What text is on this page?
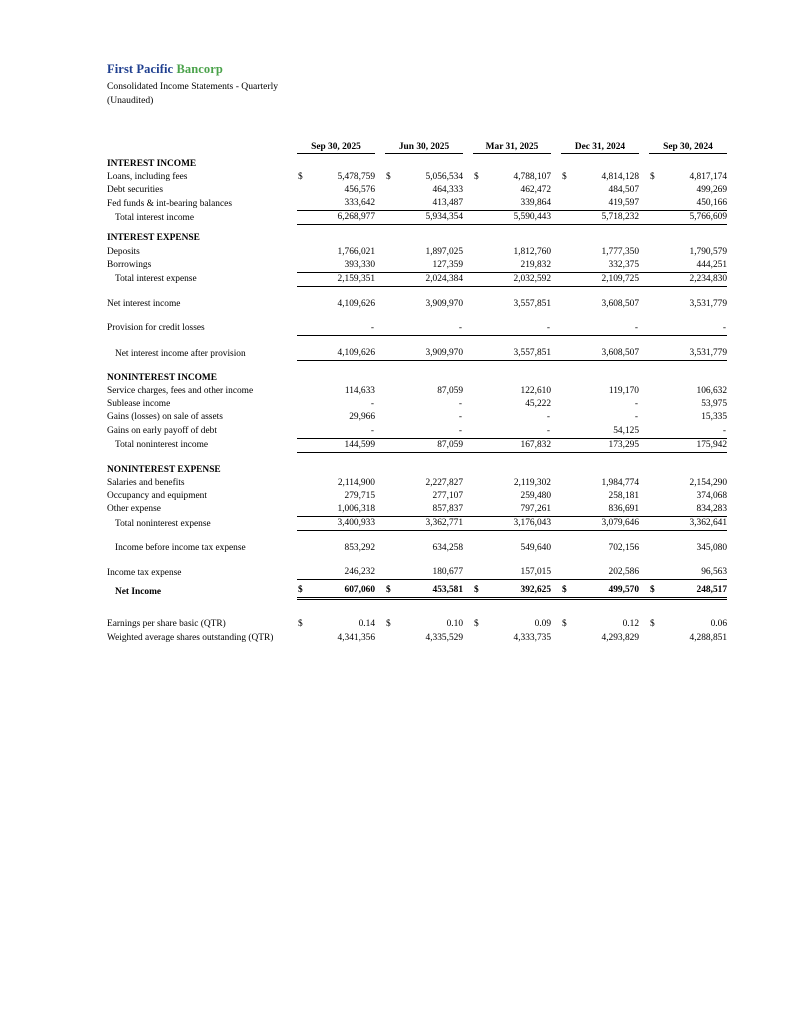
First Pacific Bancorp
Consolidated Income Statements - Quarterly
(Unaudited)
	Sep 30, 2025			Jun 30, 2025			Mar 31, 2025			Dec 31, 2024			Sep 30, 2024	

INTEREST INCOME														
Loans, including fees	$	5,478,759		$	5,056,534		$	4,788,107		$	4,814,128		$	4,817,174
Debt securities		456,576			464,333			462,472			484,507			499,269
Fed funds & int-bearing balances		333,642			413,487			339,864			419,597			450,166
Total interest income		6,268,977			5,934,354			5,590,443			5,718,232			5,766,609

INTEREST EXPENSE														
Deposits		1,766,021			1,897,025			1,812,760			1,777,350			1,790,579
Borrowings		393,330			127,359			219,832			332,375			444,251
Total interest expense		2,159,351			2,024,384			2,032,592			2,109,725			2,234,830

Net interest income		4,109,626			3,909,970			3,557,851			3,608,507			3,531,779

Provision for credit losses		-			-			-			-			-

Net interest income after provision		4,109,626			3,909,970			3,557,851			3,608,507			3,531,779

NONINTEREST INCOME														
Service charges, fees and other income		114,633			87,059			122,610			119,170			106,632
Sublease income		-			-			45,222			-			53,975
Gains (losses) on sale of assets		29,966			-			-			-			15,335
Gains on early payoff of debt		-			-			-			54,125			-
Total noninterest income		144,599			87,059			167,832			173,295			175,942

NONINTEREST EXPENSE														
Salaries and benefits		2,114,900			2,227,827			2,119,302			1,984,774			2,154,290
Occupancy and equipment		279,715			277,107			259,480			258,181			374,068
Other expense		1,006,318			857,837			797,261			836,691			834,283
Total noninterest expense		3,400,933			3,362,771			3,176,043			3,079,646			3,362,641

Income before income tax expense		853,292			634,258			549,640			702,156			345,080

Income tax expense		246,232			180,677			157,015			202,586			96,563

Net Income	$	607,060		$	453,581		$	392,625		$	499,570		$	248,517

Earnings per share basic (QTR)	$	0.14		$	0.10		$	0.09		$	0.12		$	0.06
Weighted average shares outstanding (QTR)		4,341,356			4,335,529			4,333,735			4,293,829			4,288,851
